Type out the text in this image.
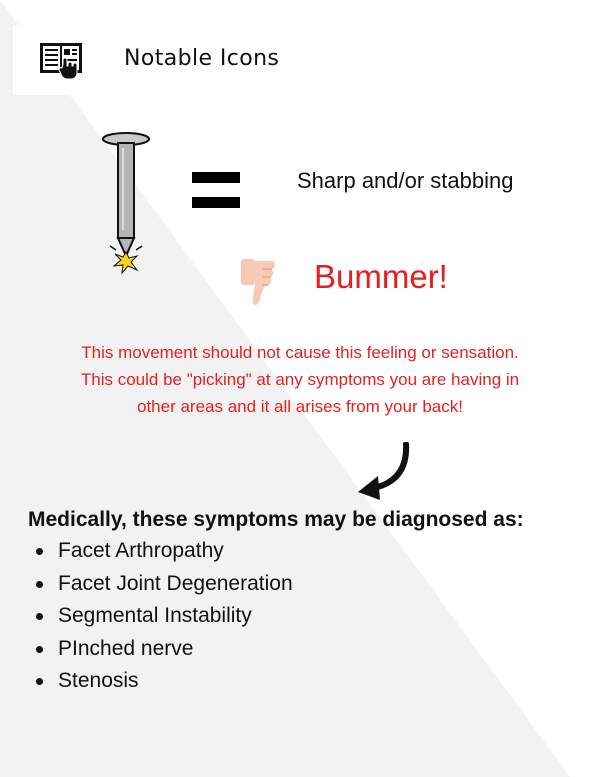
Notable Icons
Sharp and/or stabbing
Bummer!

This movement should not cause this feeling or sensation.

This could be "picking" at any symptoms you are having in

other areas and it all arises from your back!

Medically, these symptoms may be diagnosed as:
Facet Arthropathy
Facet Joint Degeneration
Segmental Instability
PInched nerve
Stenosis
